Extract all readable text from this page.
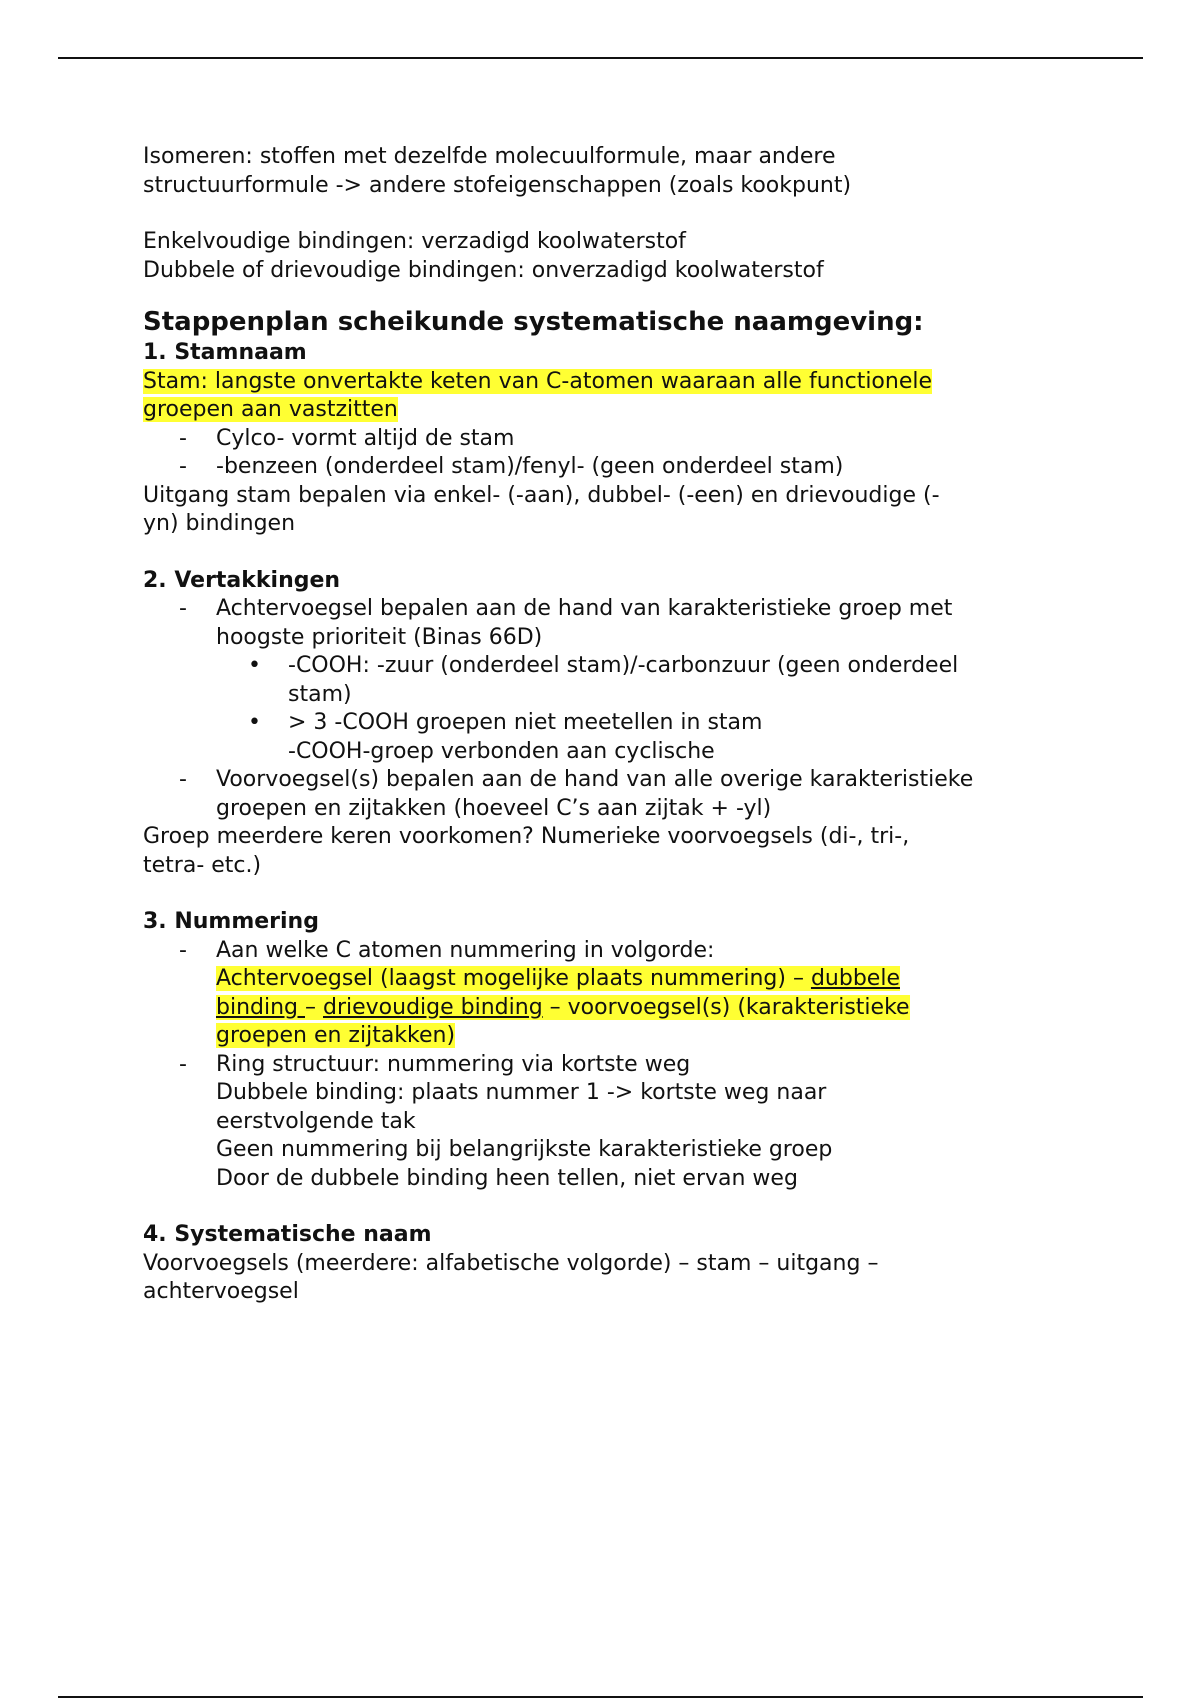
Isomeren: stoffen met dezelfde molecuulformule, maar andere

structuurformule -> andere stofeigenschappen (zoals kookpunt)

Enkelvoudige bindingen: verzadigd koolwaterstof

Dubbele of drievoudige bindingen: onverzadigd koolwaterstof

Stappenplan scheikunde systematische naamgeving:
1. Stamnaam

Stam: langste onvertakte keten van C-atomen waaraan alle functionele
groepen aan vastzitten

- Cylco- vormt altijd de stam

- -benzeen (onderdeel stam)/fenyl- (geen onderdeel stam)

Uitgang stam bepalen via enkel- (-aan), dubbel- (-een) en drievoudige (-

yn) bindingen

2. Vertakkingen

- Achtervoegsel bepalen aan de hand van karakteristieke groep met

hoogste prioriteit (Binas 66D)

• -COOH: -zuur (onderdeel stam)/-carbonzuur (geen onderdeel

stam)

• > 3 -COOH groepen niet meetellen in stam

-COOH-groep verbonden aan cyclische

- Voorvoegsel(s) bepalen aan de hand van alle overige karakteristieke

groepen en zijtakken (hoeveel C’s aan zijtak + -yl)

Groep meerdere keren voorkomen? Numerieke voorvoegsels (di-, tri-,

tetra- etc.)

3. Nummering

- Aan welke C atomen nummering in volgorde:

Achtervoegsel (laagst mogelijke plaats nummering) – dubbele
binding – drievoudige binding – voorvoegsel(s) (karakteristieke
groepen en zijtakken)

- Ring structuur: nummering via kortste weg

Dubbele binding: plaats nummer 1 -> kortste weg naar

eerstvolgende tak

Geen nummering bij belangrijkste karakteristieke groep

Door de dubbele binding heen tellen, niet ervan weg

4. Systematische naam

Voorvoegsels (meerdere: alfabetische volgorde) – stam – uitgang –

achtervoegsel
